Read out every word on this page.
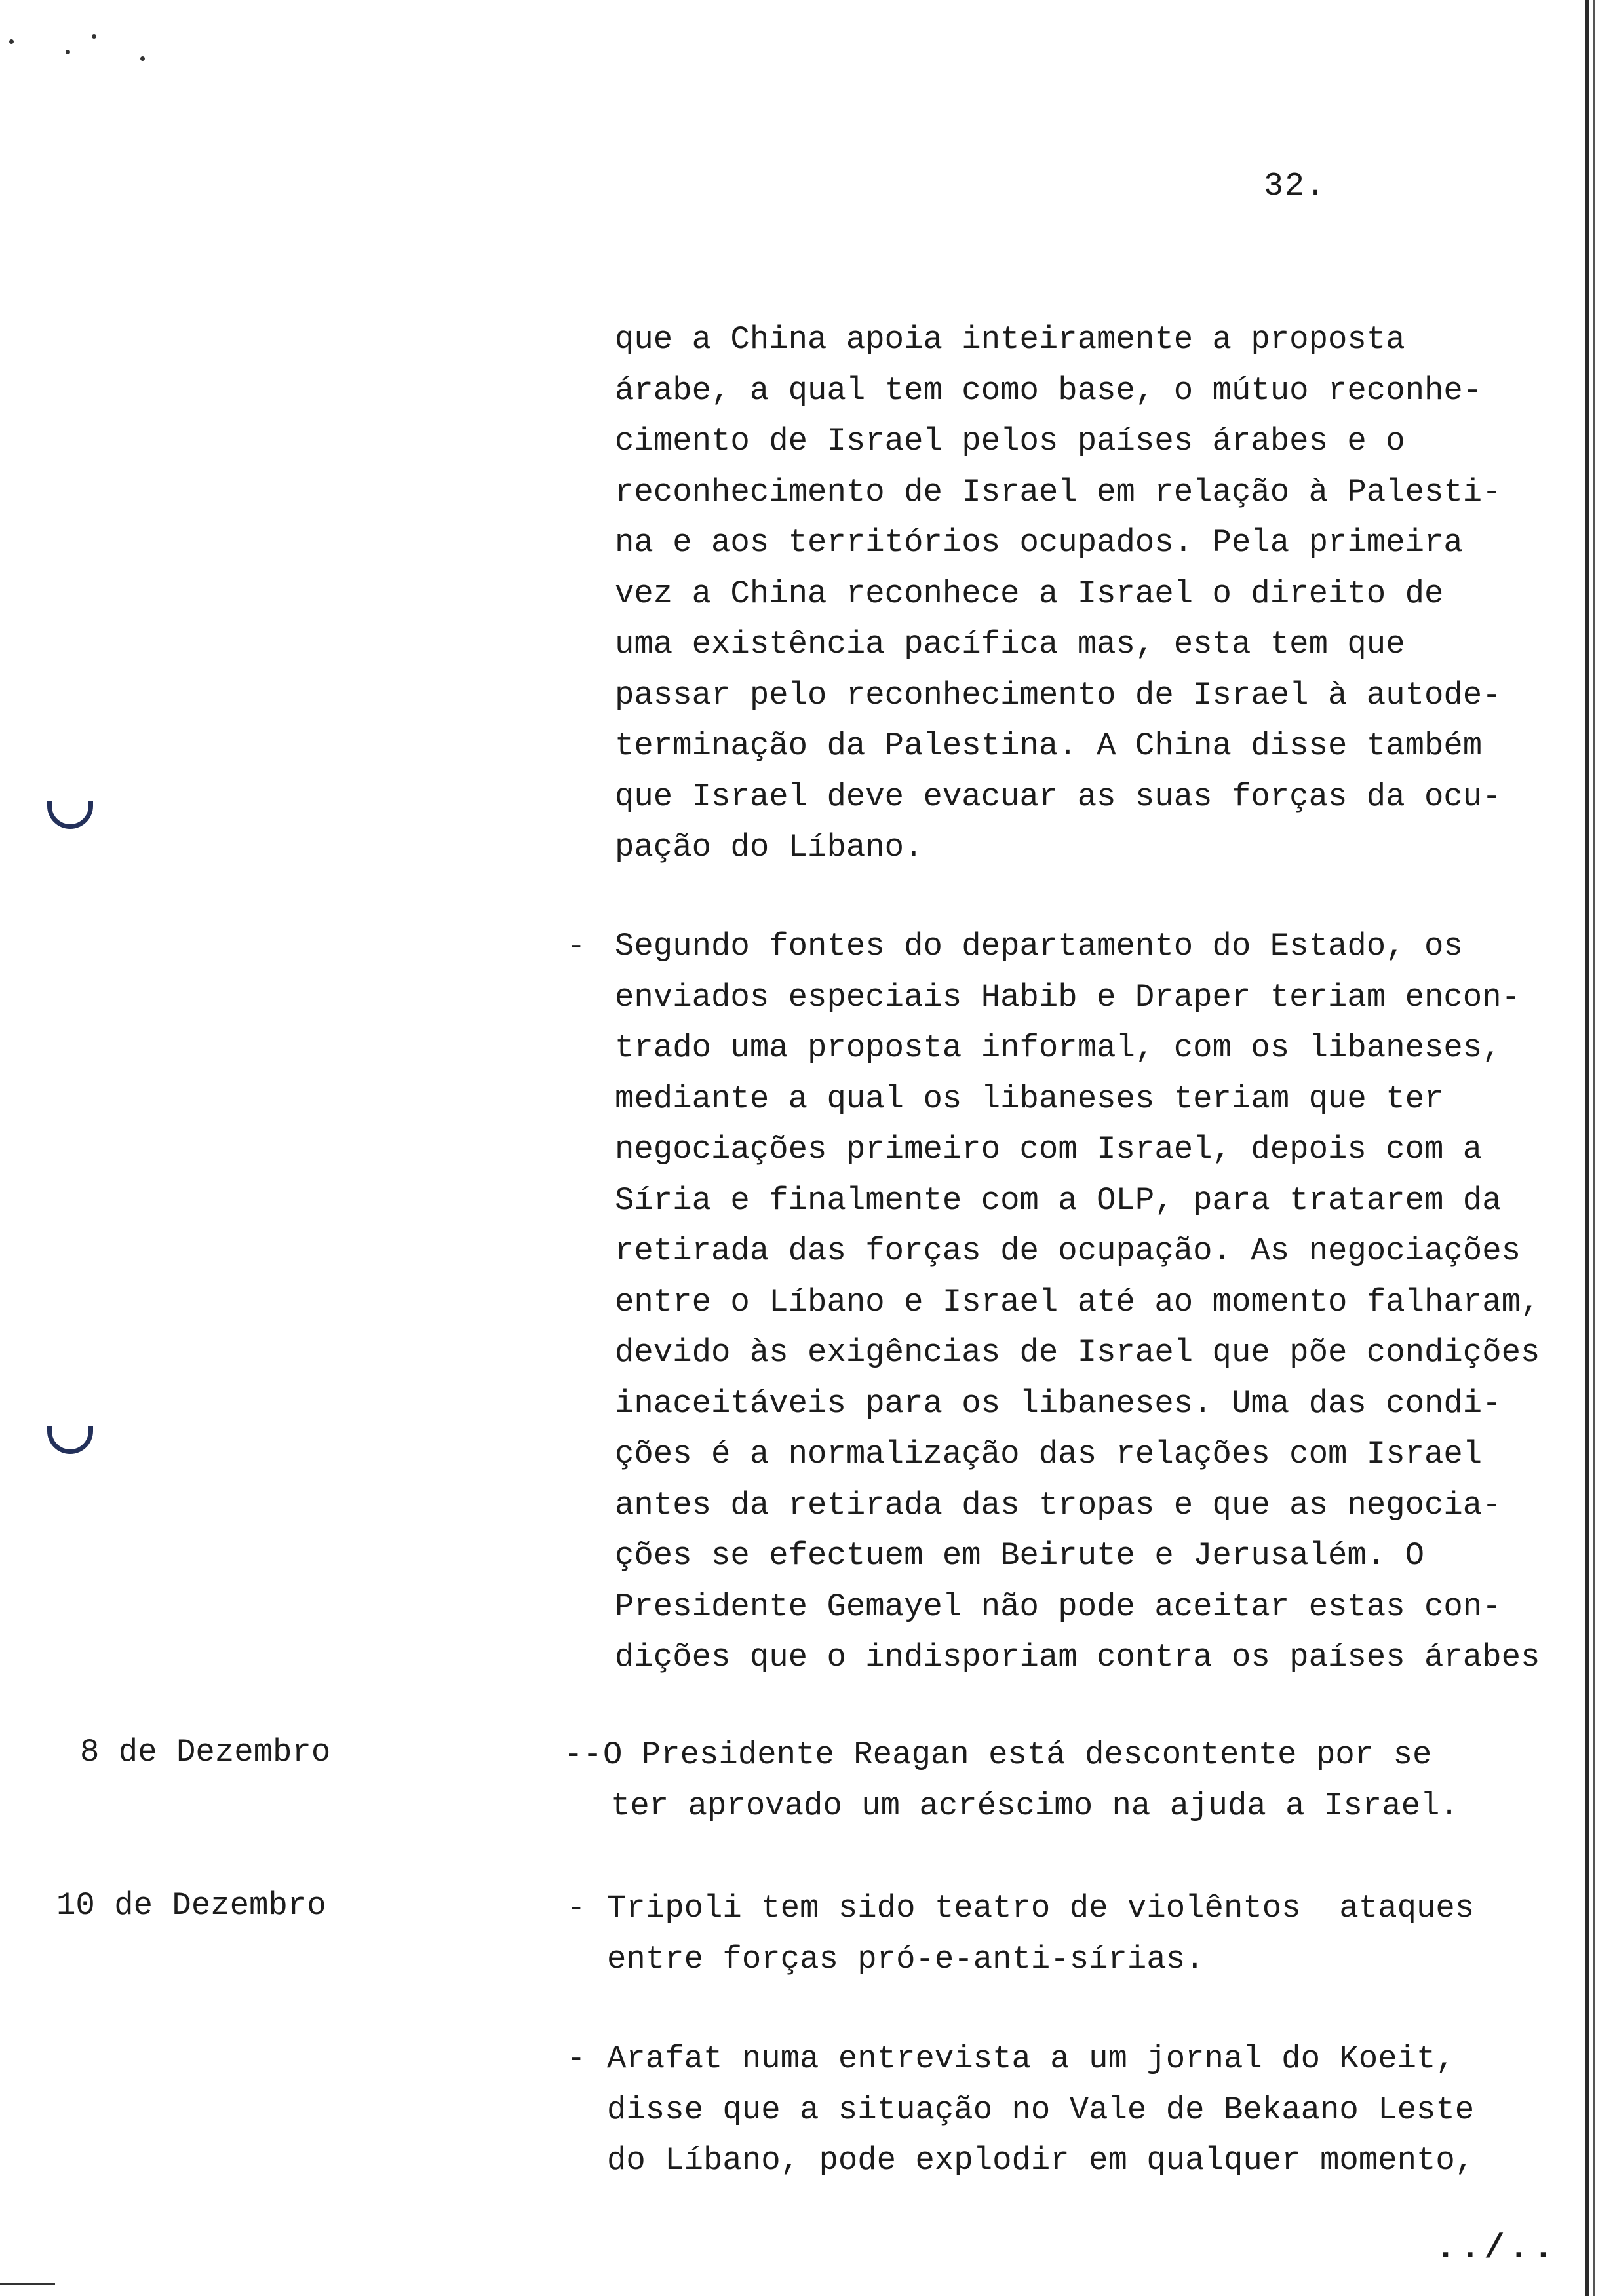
32.
que a China apoia inteiramente a proposta
árabe, a qual tem como base, o mútuo reconhe-
cimento de Israel pelos países árabes e o
reconhecimento de Israel em relação à Palesti-
na e aos territórios ocupados. Pela primeira
vez a China reconhece a Israel o direito de
uma existência pacífica mas, esta tem que
passar pelo reconhecimento de Israel à autode-
terminação da Palestina. A China disse também
que Israel deve evacuar as suas forças da ocu-
pação do Líbano.
- Segundo fontes do departamento do Estado, os
enviados especiais Habib e Draper teriam encon-
trado uma proposta informal, com os libaneses,
mediante a qual os libaneses teriam que ter
negociações primeiro com Israel, depois com a
Síria e finalmente com a OLP, para tratarem da
retirada das forças de ocupação. As negociações
entre o Líbano e Israel até ao momento falharam,
devido às exigências de Israel que põe condições
inaceitáveis para os libaneses. Uma das condi-
ções é a normalização das relações com Israel
antes da retirada das tropas e que as negocia-
ções se efectuem em Beirute e Jerusalém. O
Presidente Gemayel não pode aceitar estas con-
dições que o indisporiam contra os países árabes
8 de Dezembro	-- O Presidente Reagan está descontente por se
ter aprovado um acréscimo na ajuda a Israel.
10 de Dezembro	- Tripoli tem sido teatro de violêntos  ataques
entre forças pró-e-anti-sírias.
- Arafat numa entrevista a um jornal do Koeit,
disse que a situação no Vale de Bekaano Leste
do Líbano, pode explodir em qualquer momento,
../..
